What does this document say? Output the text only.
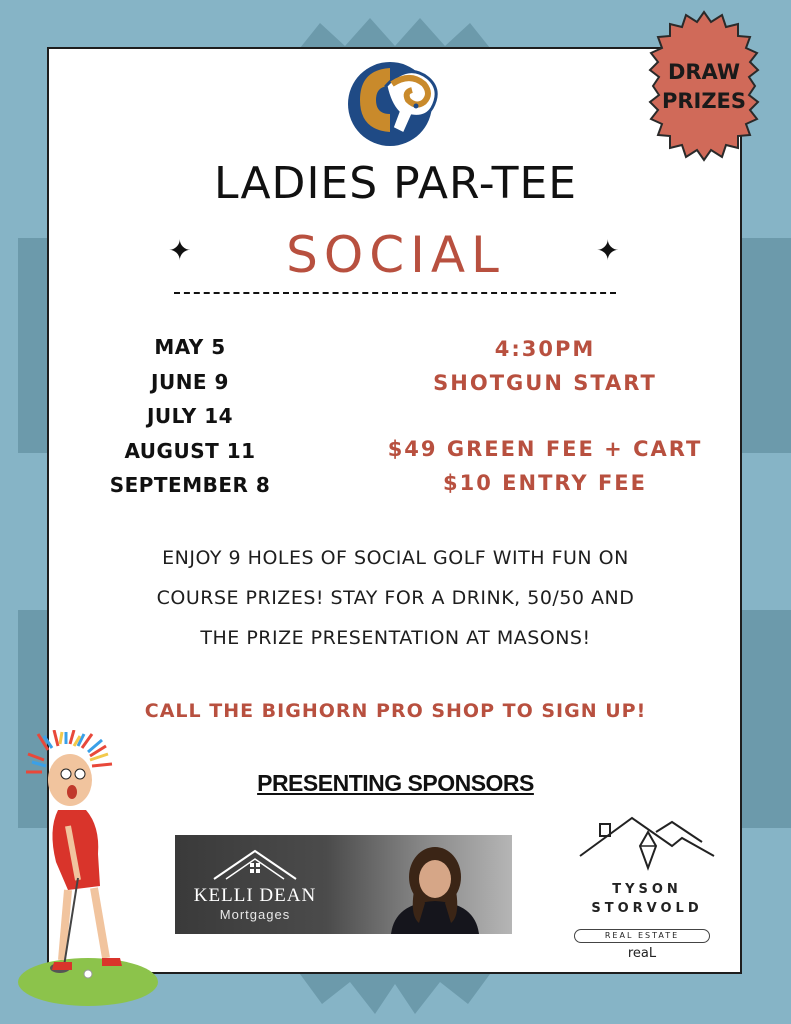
DRAW
PRIZES
LADIES PAR-TEE
✦	SOCIAL	✦
MAY 5
JUNE 9
JULY 14
AUGUST 11
SEPTEMBER 8
4:30PM
SHOTGUN START
$49 GREEN FEE + CART
$10 ENTRY FEE
ENJOY 9 HOLES OF SOCIAL GOLF WITH FUN ON
COURSE PRIZES! STAY FOR A DRINK, 50/50 AND
THE PRIZE PRESENTATION AT MASONS!
CALL THE BIGHORN PRO SHOP TO SIGN UP!
PRESENTING SPONSORS
KELLI DEAN
Mortgages
TYSON
STORVOLD
REAL ESTATE
reaL
